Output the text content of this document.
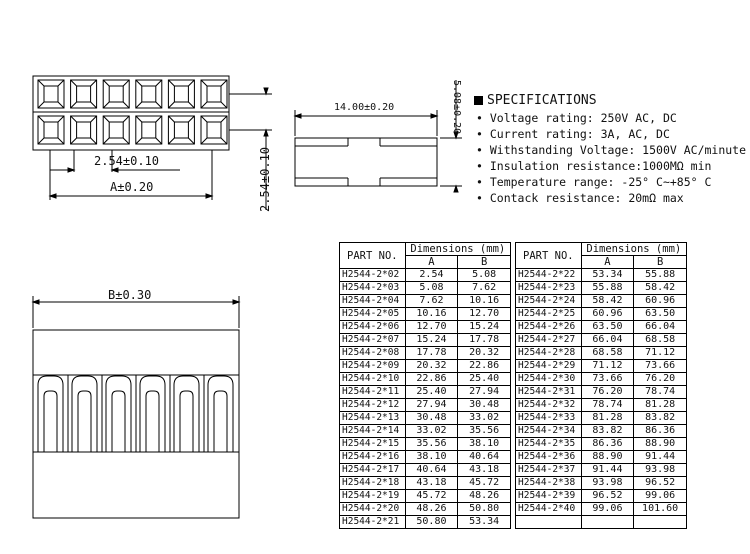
2.54±0.10
A±0.20	2.54±0.10
14.00±0.20	5.08±0.20
B±0.30
SPECIFICATIONS
• Voltage rating: 250V AC, DC
• Current rating: 3A, AC, DC
• Withstanding Voltage: 1500V AC/minute
• Insulation resistance:1000MΩ min
• Temperature range: -25° C~+85° C
• Contack resistance: 20mΩ max
PART NO.	Dimensions (mm)	
	A	B
H2544-2*02	2.54	5.08
H2544-2*03	5.08	7.62
H2544-2*04	7.62	10.16
H2544-2*05	10.16	12.70
H2544-2*06	12.70	15.24
H2544-2*07	15.24	17.78
H2544-2*08	17.78	20.32
H2544-2*09	20.32	22.86
H2544-2*10	22.86	25.40
H2544-2*11	25.40	27.94
H2544-2*12	27.94	30.48
H2544-2*13	30.48	33.02
H2544-2*14	33.02	35.56
H2544-2*15	35.56	38.10
H2544-2*16	38.10	40.64
H2544-2*17	40.64	43.18
H2544-2*18	43.18	45.72
H2544-2*19	45.72	48.26
H2544-2*20	48.26	50.80
H2544-2*21	50.80	53.34
PART NO.	Dimensions (mm)	
	A	B
H2544-2*22	53.34	55.88
H2544-2*23	55.88	58.42
H2544-2*24	58.42	60.96
H2544-2*25	60.96	63.50
H2544-2*26	63.50	66.04
H2544-2*27	66.04	68.58
H2544-2*28	68.58	71.12
H2544-2*29	71.12	73.66
H2544-2*30	73.66	76.20
H2544-2*31	76.20	78.74
H2544-2*32	78.74	81.28
H2544-2*33	81.28	83.82
H2544-2*34	83.82	86.36
H2544-2*35	86.36	88.90
H2544-2*36	88.90	91.44
H2544-2*37	91.44	93.98
H2544-2*38	93.98	96.52
H2544-2*39	96.52	99.06
H2544-2*40	99.06	101.60
